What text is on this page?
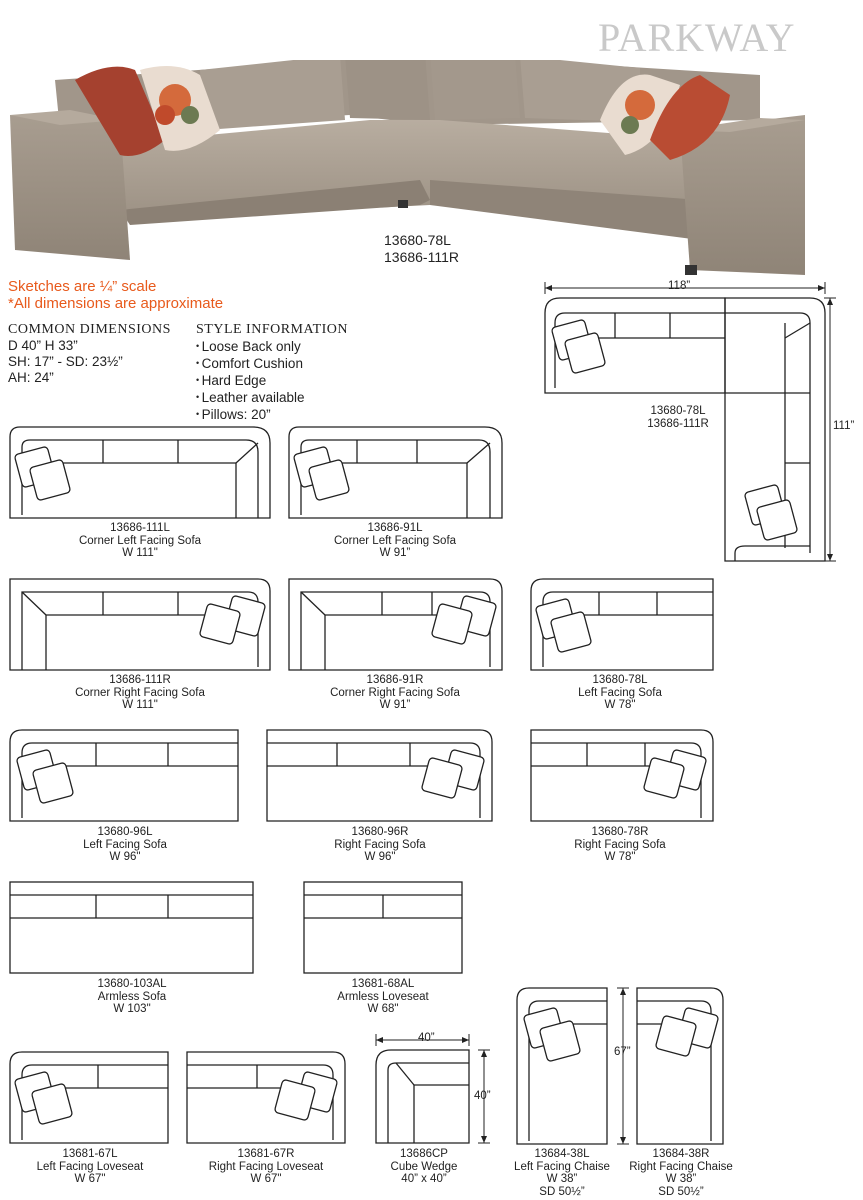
PARKWAY
13680-78L
13686-111R
Sketches are ¼” scale
*All dimensions are approximate
COMMON DIMENSIONS
D 40” H 33”
SH: 17” - SD: 23½”
AH: 24”
STYLE INFORMATION
• Loose Back only
• Comfort Cushion
• Hard Edge
• Leather available
• Pillows: 20”
118”
111”
13680-78L
13686-111R
13686-111L
Corner Left Facing Sofa
W 111"
13686-91L
Corner Left Facing Sofa
W 91”
13686-111R
Corner Right Facing Sofa
W 111"
13686-91R
Corner Right Facing Sofa
W 91”
13680-78L
Left Facing Sofa
W 78"
13680-96L
Left Facing Sofa
W 96"
13680-96R
Right Facing Sofa
W 96"
13680-78R
Right Facing Sofa
W 78"
13680-103AL
Armless Sofa
W 103"
13681-68AL
Armless Loveseat
W 68"
13681-67L
Left Facing Loveseat
W 67"
13681-67R
Right Facing Loveseat
W 67"
40”
40”
13686CP
Cube Wedge
40” x 40”
67”
13684-38L
Left Facing Chaise
W 38”
SD 50½”
13684-38R
Right Facing Chaise
W 38”
SD 50½”
